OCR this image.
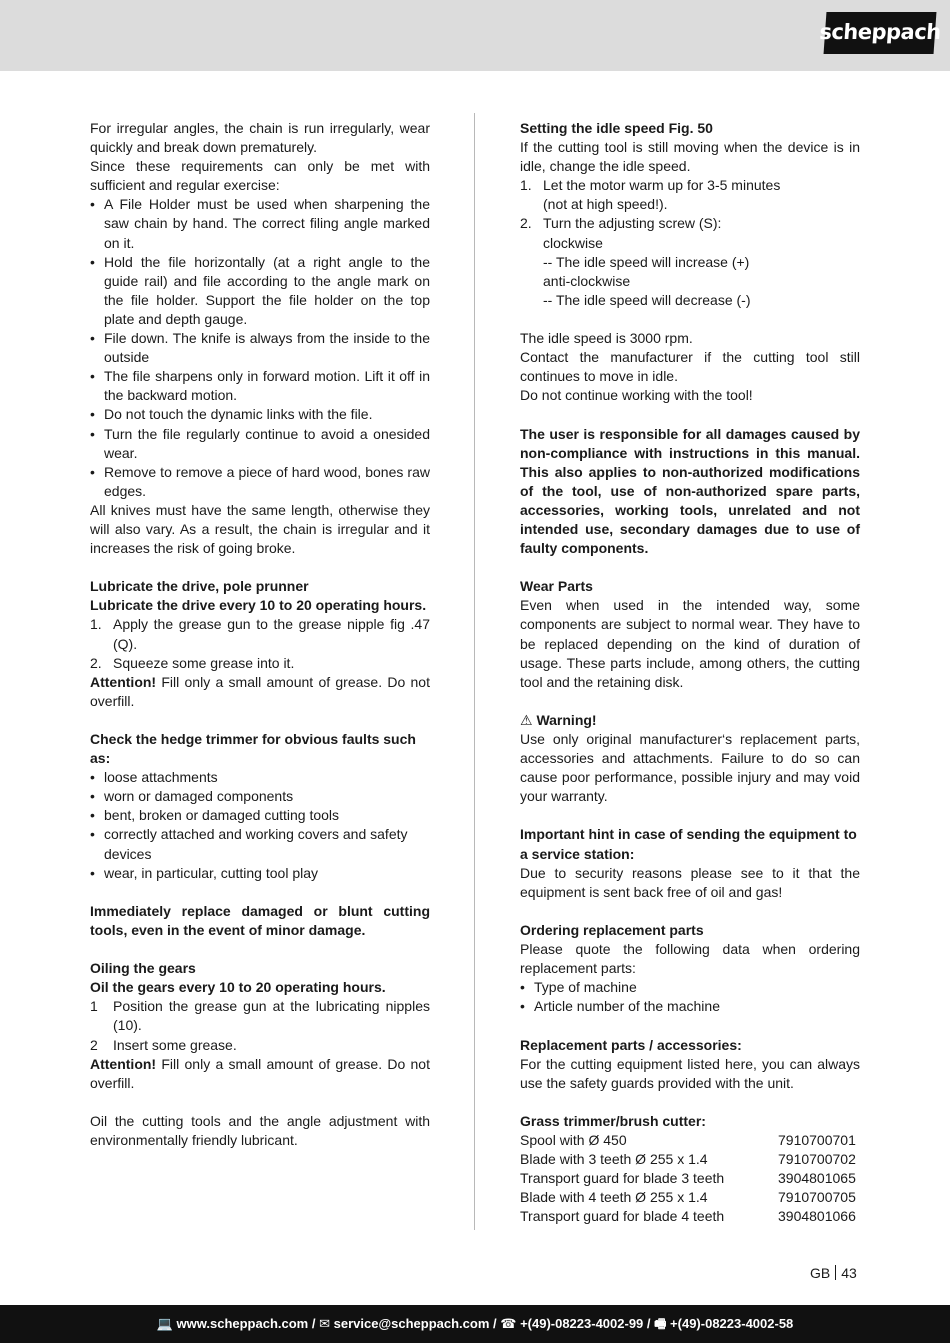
scheppach

For irregular angles, the chain is run irregularly, wear quickly and break down prematurely.

Since these requirements can only be met with sufficient and regular exercise:

• A File Holder must be used when sharpening the saw chain by hand. The correct filing angle marked on it.
• Hold the file horizontally (at a right angle to the guide rail) and file according to the angle mark on the file holder. Support the file holder on the top plate and depth gauge.
• File down. The knife is always from the inside to the outside
• The file sharpens only in forward motion. Lift it off in the backward motion.
• Do not touch the dynamic links with the file.
• Turn the file regularly continue to avoid a onesided wear.
• Remove to remove a piece of hard wood, bones raw edges.

All knives must have the same length, otherwise they will also vary. As a result, the chain is irregular and it increases the risk of going broke.

Lubricate the drive, pole prunner

Lubricate the drive every 10 to 20 operating hours.

1. Apply the grease gun to the grease nipple fig .47 (Q).
2. Squeeze some grease into it.

Attention! Fill only a small amount of grease. Do not overfill.

Check the hedge trimmer for obvious faults such as:

• loose attachments
• worn or damaged components
• bent, broken or damaged cutting tools
• correctly attached and working covers and safety devices
• wear, in particular, cutting tool play

Immediately replace damaged or blunt cutting tools, even in the event of minor damage.

Oiling the gears

Oil the gears every 10 to 20 operating hours.

1 Position the grease gun at the lubricating nipples (10).
2 Insert some grease.

Attention! Fill only a small amount of grease. Do not overfill.

Oil the cutting tools and the angle adjustment with environmentally friendly lubricant.

Setting the idle speed Fig. 50

If the cutting tool is still moving when the device is in idle, change the idle speed.

1. Let the motor warm up for 3-5 minutes
(not at high speed!).
2. Turn the adjusting screw (S):
clockwise
-- The idle speed will increase (+)
anti-clockwise
-- The idle speed will decrease (-)

The idle speed is 3000 rpm.

Contact the manufacturer if the cutting tool still continues to move in idle.

Do not continue working with the tool!

The user is responsible for all damages caused by non-compliance with instructions in this manual. This also applies to non-authorized modifications of the tool, use of non-authorized spare parts, accessories, working tools, unrelated and not intended use, secondary damages due to use of faulty components.

Wear Parts

Even when used in the intended way, some components are subject to normal wear. They have to be replaced depending on the kind of duration of usage. These parts include, among others, the cutting tool and the retaining disk.

⚠ Warning!

Use only original manufacturer‘s replacement parts, accessories and attachments. Failure to do so can cause poor performance, possible injury and may void your warranty.

Important hint in case of sending the equipment to a service station:

Due to security reasons please see to it that the equipment is sent back free of oil and gas!

Ordering replacement parts

Please quote the following data when ordering replacement parts:

• Type of machine
• Article number of the machine

Replacement parts / accessories:

For the cutting equipment listed here, you can always use the safety guards provided with the unit.

Grass trimmer/brush cutter:

Spool with Ø 450	7910700701
Blade with 3 teeth Ø 255 x 1.4	7910700702
Transport guard for blade 3 teeth	3904801065
Blade with 4 teeth Ø 255 x 1.4	7910700705
Transport guard for blade 4 teeth	3904801066
GB 43
💻
www.scheppach.com /
✉
service@scheppach.com /
☎
+(49)-08223-4002-99 /
🖷
+(49)-08223-4002-58
